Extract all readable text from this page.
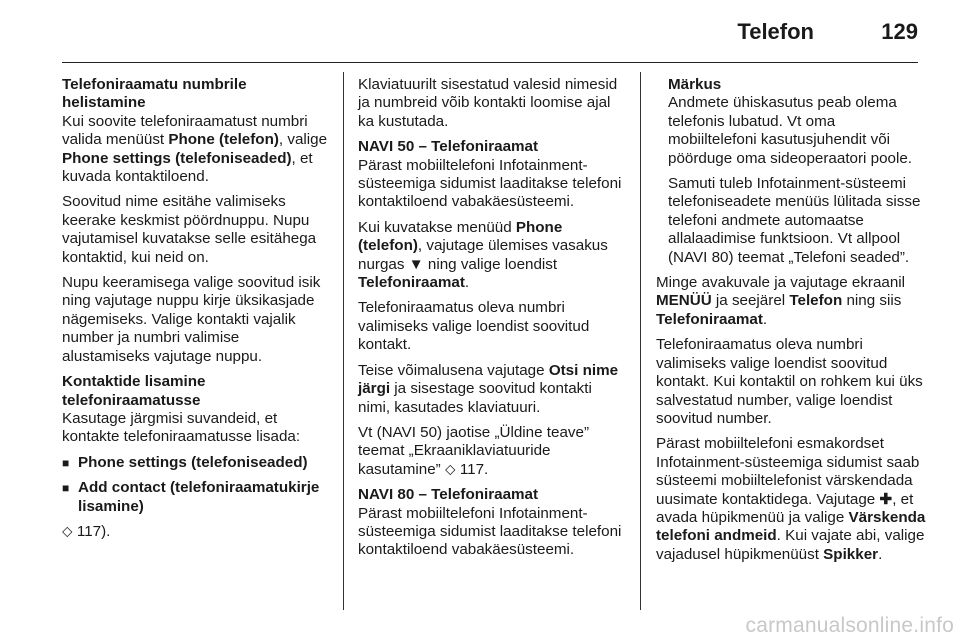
Telefon	129

Telefoniraamatu numbrile helistamine

Kui soovite telefoniraamatust numbri valida menüüst Phone (telefon), valige Phone settings (telefoniseaded), et kuvada kontaktiloend.

Soovitud nime esitähe valimiseks keerake keskmist pöördnuppu. Nupu vajutamisel kuvatakse selle esitähega kontaktid, kui neid on.

Nupu keeramisega valige soovitud isik ning vajutage nuppu kirje üksikasjade nägemiseks. Valige kontakti vajalik number ja numbri valimise alustamiseks vajutage nuppu.

Kontaktide lisamine telefoniraamatusse

Kasutage järgmisi suvandeid, et kontakte telefoniraamatusse lisada:

■ Phone settings (telefoniseaded)
■ Add contact (telefoniraamatukirje lisamine)

⬦ 117).

Klaviatuurilt sisestatud valesid nimesid ja numbreid võib kontakti loomise ajal ka kustutada.

NAVI 50 – Telefoniraamat

Pärast mobiiltelefoni Infotainment-süsteemiga sidumist laaditakse telefoni kontaktiloend vabakäesüsteemi.

Kui kuvatakse menüüd Phone (telefon), vajutage ülemises vasakus nurgas ▼ ning valige loendist Telefoniraamat.

Telefoniraamatus oleva numbri valimiseks valige loendist soovitud kontakt.

Teise võimalusena vajutage Otsi nime järgi ja sisestage soovitud kontakti nimi, kasutades klaviatuuri.

Vt (NAVI 50) jaotise „Üldine teave” teemat „Ekraaniklaviatuuride kasutamine” ⬦ 117.

NAVI 80 – Telefoniraamat

Pärast mobiiltelefoni Infotainment-süsteemiga sidumist laaditakse telefoni kontaktiloend vabakäesüsteemi.

Märkus

Andmete ühiskasutus peab olema telefonis lubatud. Vt oma mobiiltelefoni kasutusjuhendit või pöörduge oma sideoperaatori poole.

Samuti tuleb Infotainment-süsteemi telefoniseadete menüüs lülitada sisse telefoni andmete automaatse allalaadimise funktsioon. Vt allpool (NAVI 80) teemat „Telefoni seaded”.

Minge avakuvale ja vajutage ekraanil MENÜÜ ja seejärel Telefon ning siis Telefoniraamat.

Telefoniraamatus oleva numbri valimiseks valige loendist soovitud kontakt. Kui kontaktil on rohkem kui üks salvestatud number, valige loendist soovitud number.

Pärast mobiiltelefoni esmakordset Infotainment-süsteemiga sidumist saab süsteemi mobiiltelefonist värskendada uusimate kontaktidega. Vajutage ✚, et avada hüpikmenüü ja valige Värskenda telefoni andmeid. Kui vajate abi, valige vajadusel hüpikmenüüst Spikker.

carmanualsonline.info
